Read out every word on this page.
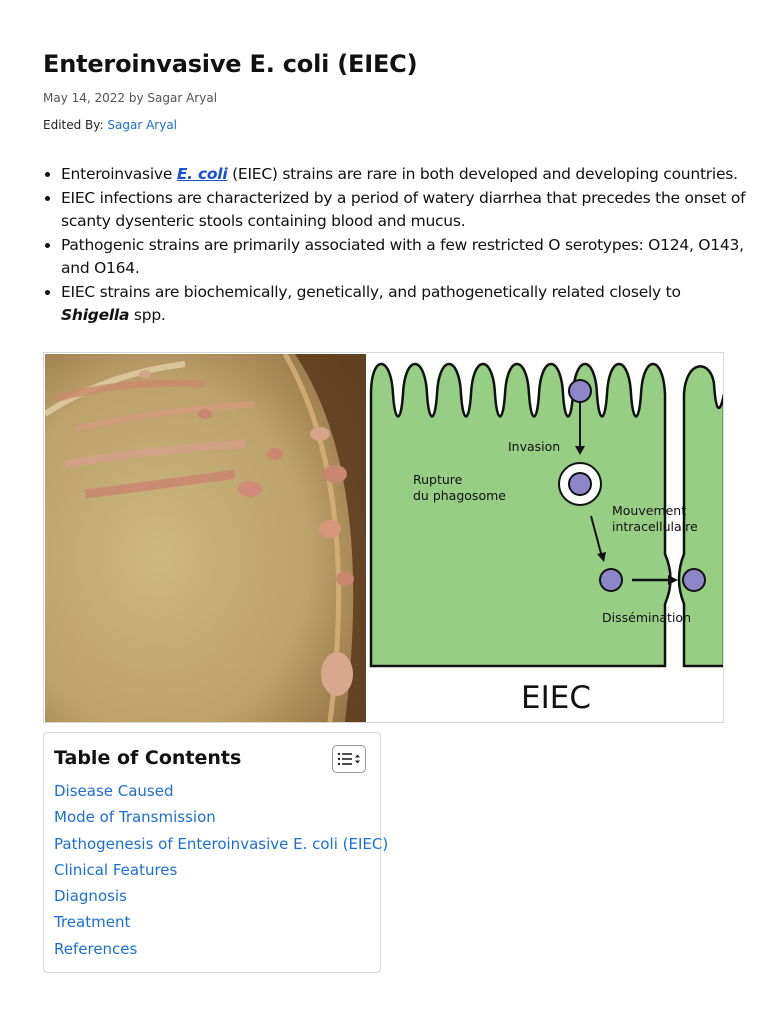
Enteroinvasive E. coli (EIEC)
May 14, 2022 by Sagar Aryal
Edited By: Sagar Aryal
• Enteroinvasive E. coli (EIEC) strains are rare in both developed and developing countries.
• EIEC infections are characterized by a period of watery diarrhea that precedes the onset of scanty dysenteric stools containing blood and mucus.
• Pathogenic strains are primarily associated with a few restricted O serotypes: O124, O143, and O164.
• EIEC strains are biochemically, genetically, and pathogenetically related closely to Shigella spp.
Invasion
Rupture
du phagosome
Mouvement
intracellulaire
Dissémination
EIEC
Table of Contents
Disease Caused
Mode of Transmission
Pathogenesis of Enteroinvasive E. coli (EIEC)
Clinical Features
Diagnosis
Treatment
References
